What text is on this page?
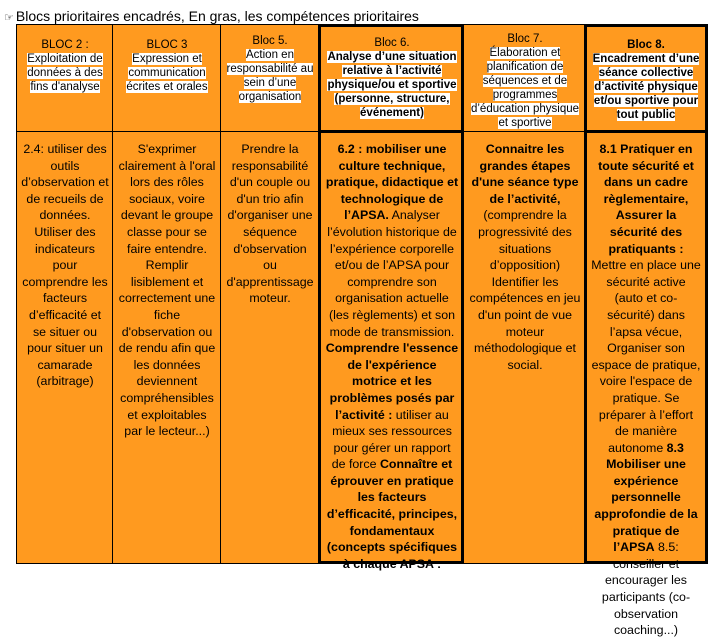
☞ Blocs prioritaires encadrés, En gras, les compétences prioritaires
BLOC 2 :
Exploitation de
données à des
fins d'analyse
BLOC 3
Expression et
communication
écrites et orales
Bloc 5.
Action en
responsabilité au
sein d’une
organisation
Bloc 6.
Analyse d’une situation
relative à l’activité
physique/ou et sportive
(personne, structure,
événement)
Bloc 7.
Élaboration et
planification de
séquences et de
programmes
d’éducation physique
et sportive
Bloc 8.
Encadrement d’une
séance collective
d’activité physique
et/ou sportive pour
tout public
2.4: utiliser des outils d’observation et de recueils de données. Utiliser des indicateurs pour comprendre les facteurs d’efficacité et se situer ou pour situer un camarade (arbitrage)
S'exprimer clairement à l'oral lors des rôles sociaux, voire devant le groupe classe pour se faire entendre. Remplir lisiblement et correctement une fiche d'observation ou de rendu afin que les données deviennent compréhensibles et exploitables par le lecteur...)
Prendre la responsabilité d'un couple ou d'un trio afin d'organiser une séquence d'observation ou d'apprentissage moteur.
6.2 : mobiliser une culture technique, pratique, didactique et technologique de l’APSA. Analyser l’évolution historique de l’expérience corporelle et/ou de l’APSA pour comprendre son organisation actuelle (les règlements) et son mode de transmission. Comprendre l'essence de l'expérience motrice et les problèmes posés par l’activité : utiliser au mieux ses ressources pour gérer un rapport de force Connaître et éprouver en pratique les facteurs d’efficacité, principes, fondamentaux (concepts spécifiques
Connaitre les grandes étapes d'une séance type de l’activité, (comprendre la progressivité des situations d’opposition) Identifier les compétences en jeu d'un point de vue moteur méthodologique et social.
8.1 Pratiquer en toute sécurité et dans un cadre règlementaire, Assurer la sécurité des pratiquants : Mettre en place une sécurité active (auto et co-sécurité) dans l’apsa vécue, Organiser son espace de pratique, voire l'espace de pratique. Se préparer à l’effort de manière autonome 8.3 Mobiliser une expérience personnelle approfondie de la pratique de l’APSA 8.5: encourager les participants (co-observation coaching...)
